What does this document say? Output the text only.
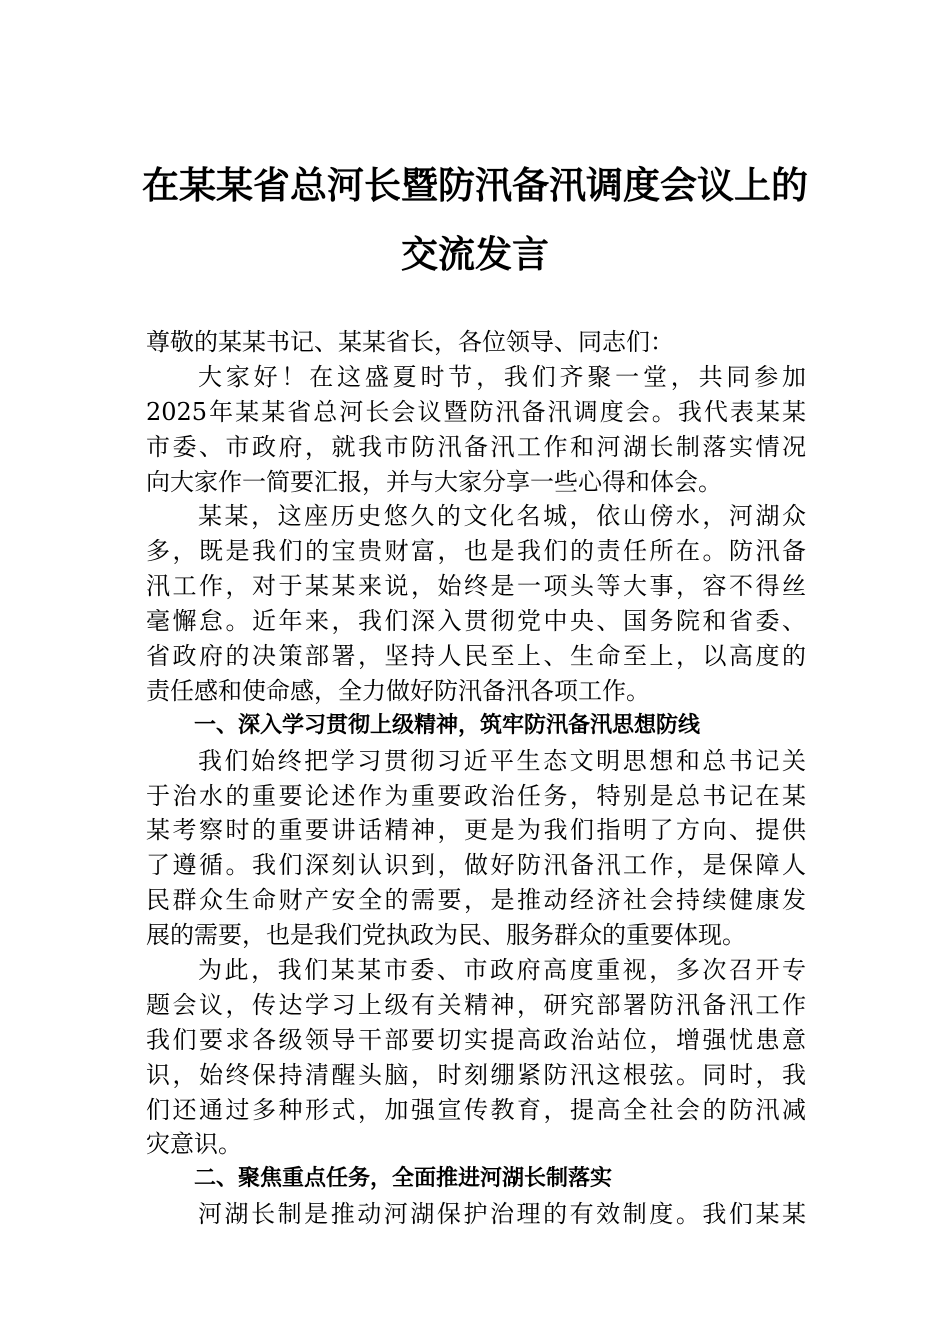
在某某省总河长暨防汛备汛调度会议上的
交流发言
尊敬的某某书记、某某省长，各位领导、同志们：
大家好！在这盛夏时节，我们齐聚一堂，共同参加
2025年某某省总河长会议暨防汛备汛调度会。我代表某某
市委、市政府，就我市防汛备汛工作和河湖长制落实情况
向大家作一简要汇报，并与大家分享一些心得和体会。
某某，这座历史悠久的文化名城，依山傍水，河湖众
多，既是我们的宝贵财富，也是我们的责任所在。防汛备
汛工作，对于某某来说，始终是一项头等大事，容不得丝
毫懈怠。近年来，我们深入贯彻党中央、国务院和省委、
省政府的决策部署，坚持人民至上、生命至上，以高度的
责任感和使命感，全力做好防汛备汛各项工作。
一、深入学习贯彻上级精神，筑牢防汛备汛思想防线
我们始终把学习贯彻习近平生态文明思想和总书记关
于治水的重要论述作为重要政治任务，特别是总书记在某
某考察时的重要讲话精神，更是为我们指明了方向、提供
了遵循。我们深刻认识到，做好防汛备汛工作，是保障人
民群众生命财产安全的需要，是推动经济社会持续健康发
展的需要，也是我们党执政为民、服务群众的重要体现。
为此，我们某某市委、市政府高度重视，多次召开专
题会议，传达学习上级有关精神，研究部署防汛备汛工作
我们要求各级领导干部要切实提高政治站位，增强忧患意
识，始终保持清醒头脑，时刻绷紧防汛这根弦。同时，我
们还通过多种形式，加强宣传教育，提高全社会的防汛减
灾意识。
二、聚焦重点任务，全面推进河湖长制落实
河湖长制是推动河湖保护治理的有效制度。我们某某
